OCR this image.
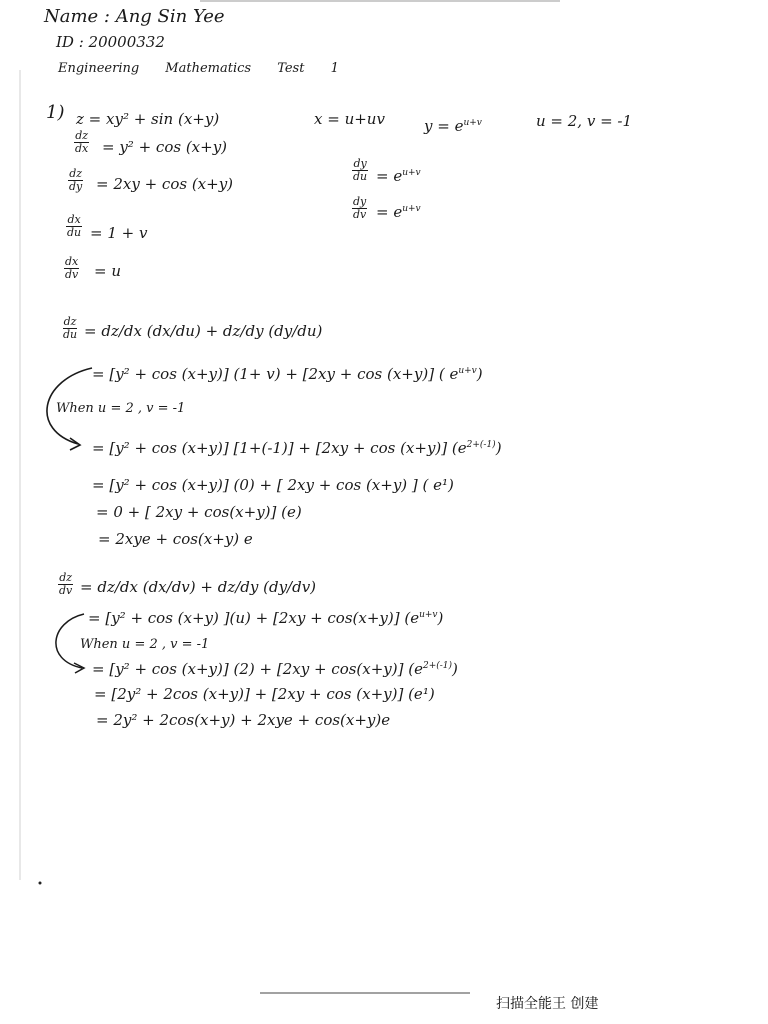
Name : Ang Sin Yee
ID : 20000332
Engineering Mathematics Test 1
1) z = xy² + sin (x+y)	x = u+uv	$y = e^{u+v}$	u = 2, v = -1
$\frac{dz}{dx} = y^2 + \cos (x+y)$
$\frac{dz}{dy} = 2xy + \cos (x+y)$
$\frac{dy}{du} = e^{u+v}$
$\frac{dy}{dv} = e^{u+v}$
$\frac{dx}{du} = 1 + v$
$\frac{dx}{dv} = u$
$\frac{dz}{du} = dz/dx$ (dx/du) + dz/dy (dy/du)
= [y² + cos (x+y)] (1+ v) + [2xy + cos (x+y)] ( $e^{u+v}$)
When u = 2 , v = -1
= [y² + cos (x+y)] [1+(-1)] + [2xy + cos (x+y)] $(e^{2+(-1)})$
= [y² + cos (x+y)] (0) + [ 2xy + cos (x+y) ] ( e¹)
= 0 + [ 2xy + cos(x+y)] (e)
= 2xye + cos(x+y) e
$\frac{dz}{dv} = dz/dx$ (dx/dv) + dz/dy (dy/dv)
= [y² + cos (x+y) ](u) + [2xy + cos(x+y)] $(e^{u+v})$
When u = 2 , v = -1
= [y² + cos (x+y)] (2) + [2xy + cos(x+y)] $(e^{2+(-1)})$
= [2y² + 2cos (x+y)] + [2xy + cos (x+y)] (e¹)
= 2y² + 2cos(x+y) + 2xye + cos(x+y)e
扫描全能王 创建
